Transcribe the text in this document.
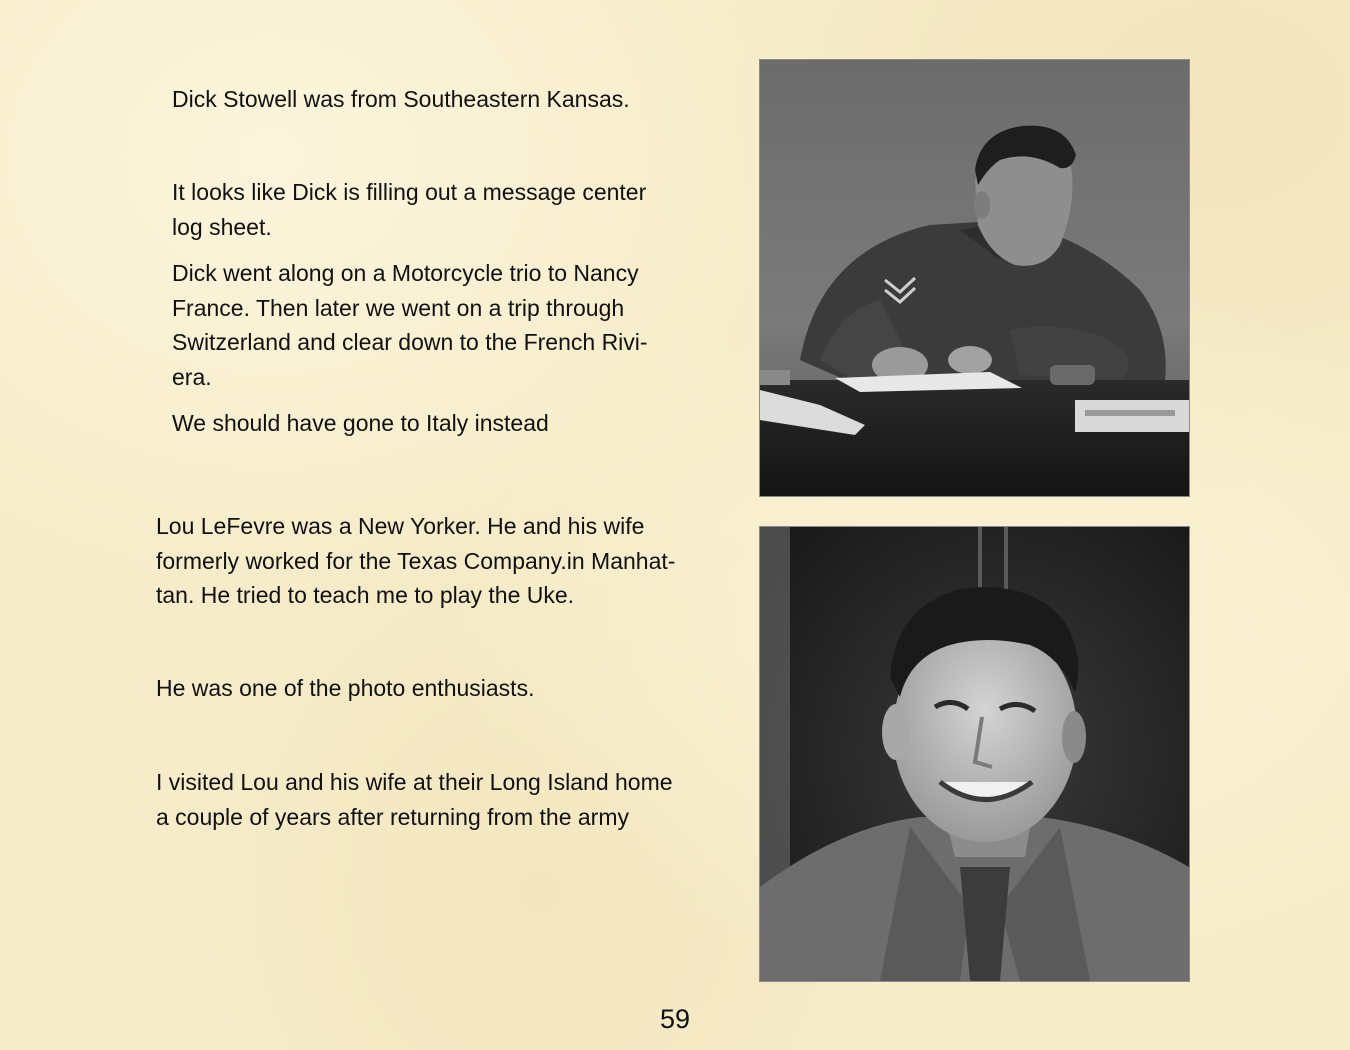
Dick Stowell was from Southeastern Kansas.

It looks like Dick is filling out a message center

log sheet.

Dick went along on a Motorcycle trio to Nancy

France. Then later we went on a trip through

Switzerland and clear down to the French Rivi-

era.

We should have gone to Italy instead

Lou LeFevre was a New Yorker. He and his wife

formerly worked for the Texas Company.in Manhat-

tan. He tried to teach me to play the Uke.

He was one of the photo enthusiasts.

I visited Lou and his wife at their Long Island home

a couple of years after returning from the army

59
